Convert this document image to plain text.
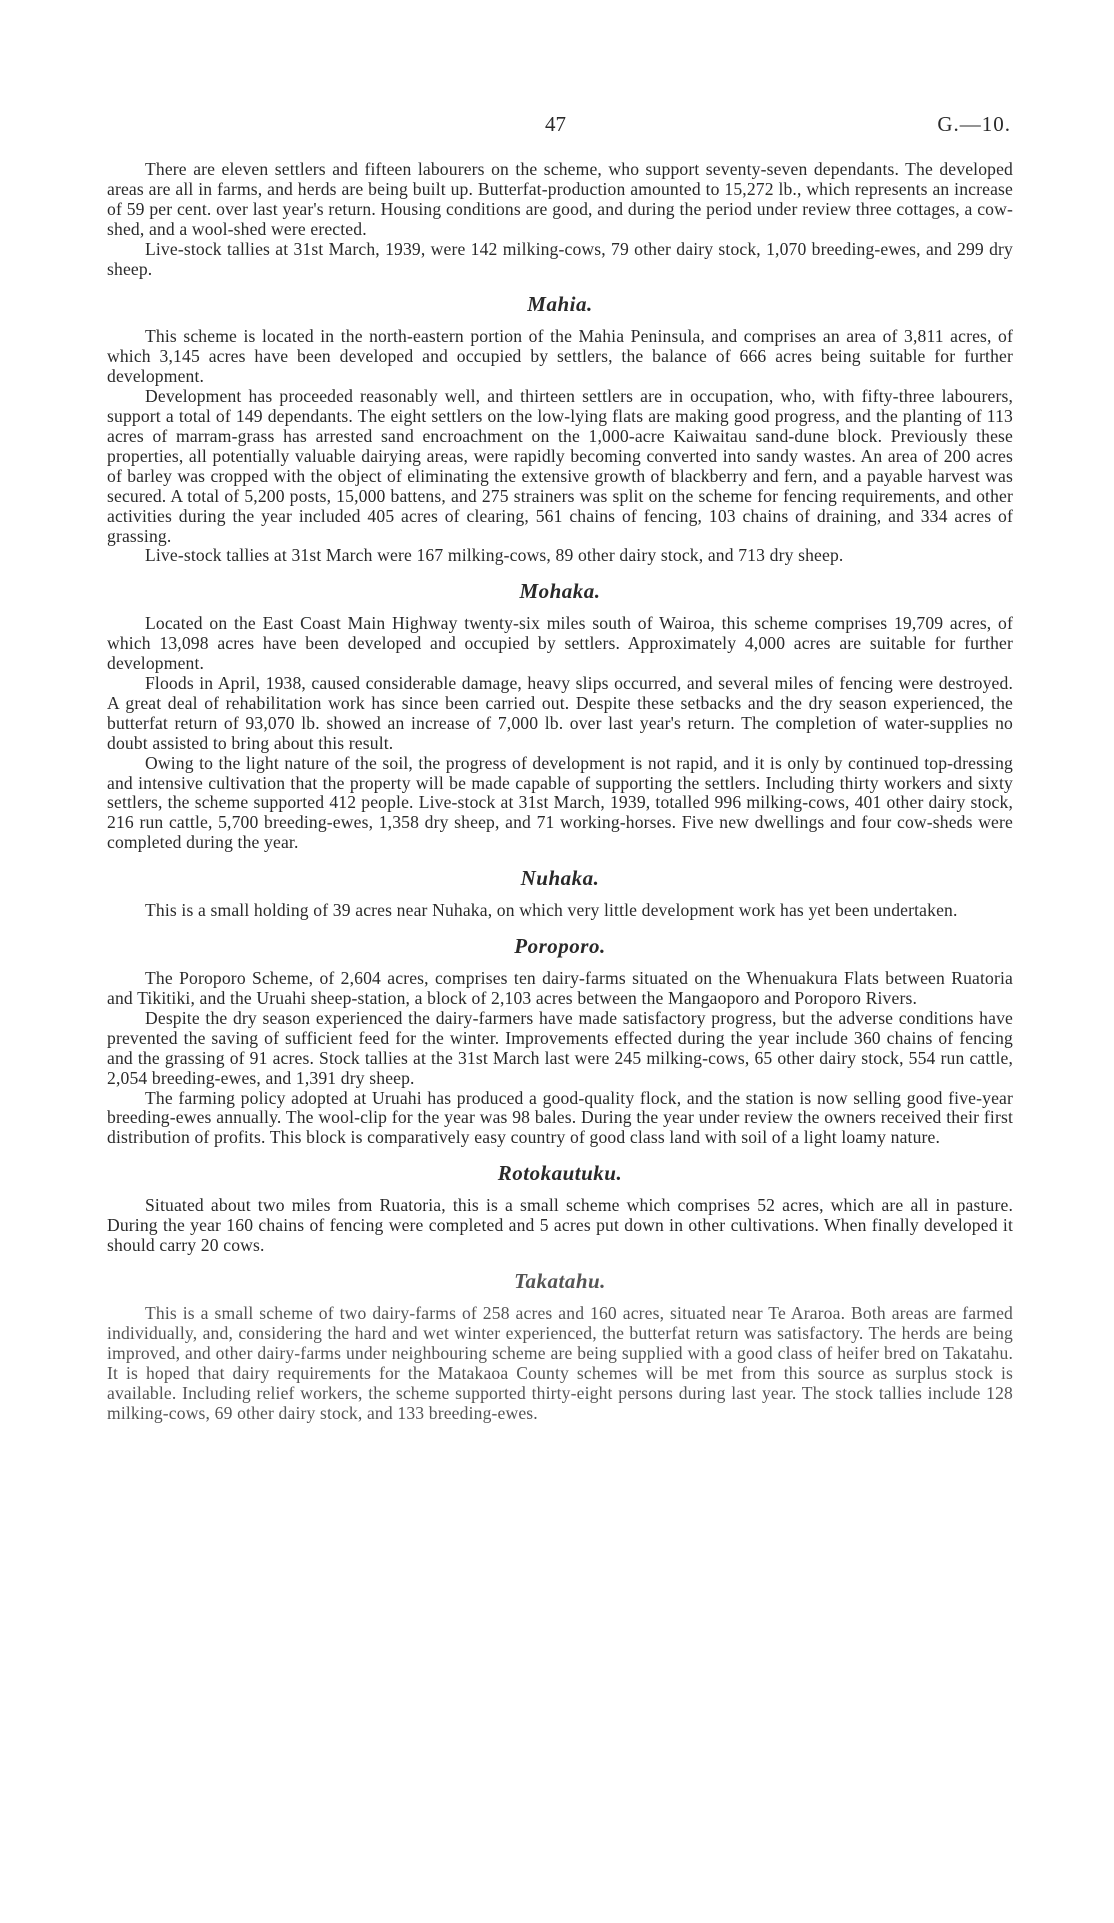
47	G.—10.

There are eleven settlers and fifteen labourers on the scheme, who support seventy-seven dependants. The developed areas are all in farms, and herds are being built up. Butterfat-production amounted to 15,272 lb., which represents an increase of 59 per cent. over last year's return. Housing conditions are good, and during the period under review three cottages, a cow-shed, and a wool-shed were erected.

Live-stock tallies at 31st March, 1939, were 142 milking-cows, 79 other dairy stock, 1,070 breeding-ewes, and 299 dry sheep.

Mahia.

This scheme is located in the north-eastern portion of the Mahia Peninsula, and comprises an area of 3,811 acres, of which 3,145 acres have been developed and occupied by settlers, the balance of 666 acres being suitable for further development.

Development has proceeded reasonably well, and thirteen settlers are in occupation, who, with fifty-three labourers, support a total of 149 dependants. The eight settlers on the low-lying flats are making good progress, and the planting of 113 acres of marram-grass has arrested sand encroachment on the 1,000-acre Kaiwaitau sand-dune block. Previously these properties, all potentially valuable dairying areas, were rapidly becoming converted into sandy wastes. An area of 200 acres of barley was cropped with the object of eliminating the extensive growth of blackberry and fern, and a payable harvest was secured. A total of 5,200 posts, 15,000 battens, and 275 strainers was split on the scheme for fencing requirements, and other activities during the year included 405 acres of clearing, 561 chains of fencing, 103 chains of draining, and 334 acres of grassing.

Live-stock tallies at 31st March were 167 milking-cows, 89 other dairy stock, and 713 dry sheep.

Mohaka.

Located on the East Coast Main Highway twenty-six miles south of Wairoa, this scheme comprises 19,709 acres, of which 13,098 acres have been developed and occupied by settlers. Approximately 4,000 acres are suitable for further development.

Floods in April, 1938, caused considerable damage, heavy slips occurred, and several miles of fencing were destroyed. A great deal of rehabilitation work has since been carried out. Despite these setbacks and the dry season experienced, the butterfat return of 93,070 lb. showed an increase of 7,000 lb. over last year's return. The completion of water-supplies no doubt assisted to bring about this result.

Owing to the light nature of the soil, the progress of development is not rapid, and it is only by continued top-dressing and intensive cultivation that the property will be made capable of supporting the settlers. Including thirty workers and sixty settlers, the scheme supported 412 people. Live-stock at 31st March, 1939, totalled 996 milking-cows, 401 other dairy stock, 216 run cattle, 5,700 breeding-ewes, 1,358 dry sheep, and 71 working-horses. Five new dwellings and four cow-sheds were completed during the year.

Nuhaka.

This is a small holding of 39 acres near Nuhaka, on which very little development work has yet been undertaken.

Poroporo.

The Poroporo Scheme, of 2,604 acres, comprises ten dairy-farms situated on the Whenuakura Flats between Ruatoria and Tikitiki, and the Uruahi sheep-station, a block of 2,103 acres between the Mangaoporo and Poroporo Rivers.

Despite the dry season experienced the dairy-farmers have made satisfactory progress, but the adverse conditions have prevented the saving of sufficient feed for the winter. Improvements effected during the year include 360 chains of fencing and the grassing of 91 acres. Stock tallies at the 31st March last were 245 milking-cows, 65 other dairy stock, 554 run cattle, 2,054 breeding-ewes, and 1,391 dry sheep.

The farming policy adopted at Uruahi has produced a good-quality flock, and the station is now selling good five-year breeding-ewes annually. The wool-clip for the year was 98 bales. During the year under review the owners received their first distribution of profits. This block is comparatively easy country of good class land with soil of a light loamy nature.

Rotokautuku.

Situated about two miles from Ruatoria, this is a small scheme which comprises 52 acres, which are all in pasture. During the year 160 chains of fencing were completed and 5 acres put down in other cultivations. When finally developed it should carry 20 cows.

Takatahu.

This is a small scheme of two dairy-farms of 258 acres and 160 acres, situated near Te Araroa. Both areas are farmed individually, and, considering the hard and wet winter experienced, the butterfat return was satisfactory. The herds are being improved, and other dairy-farms under neighbouring scheme are being supplied with a good class of heifer bred on Takatahu. It is hoped that dairy requirements for the Matakaoa County schemes will be met from this source as surplus stock is available. Including relief workers, the scheme supported thirty-eight persons during last year. The stock tallies include 128 milking-cows, 69 other dairy stock, and 133 breeding-ewes.
